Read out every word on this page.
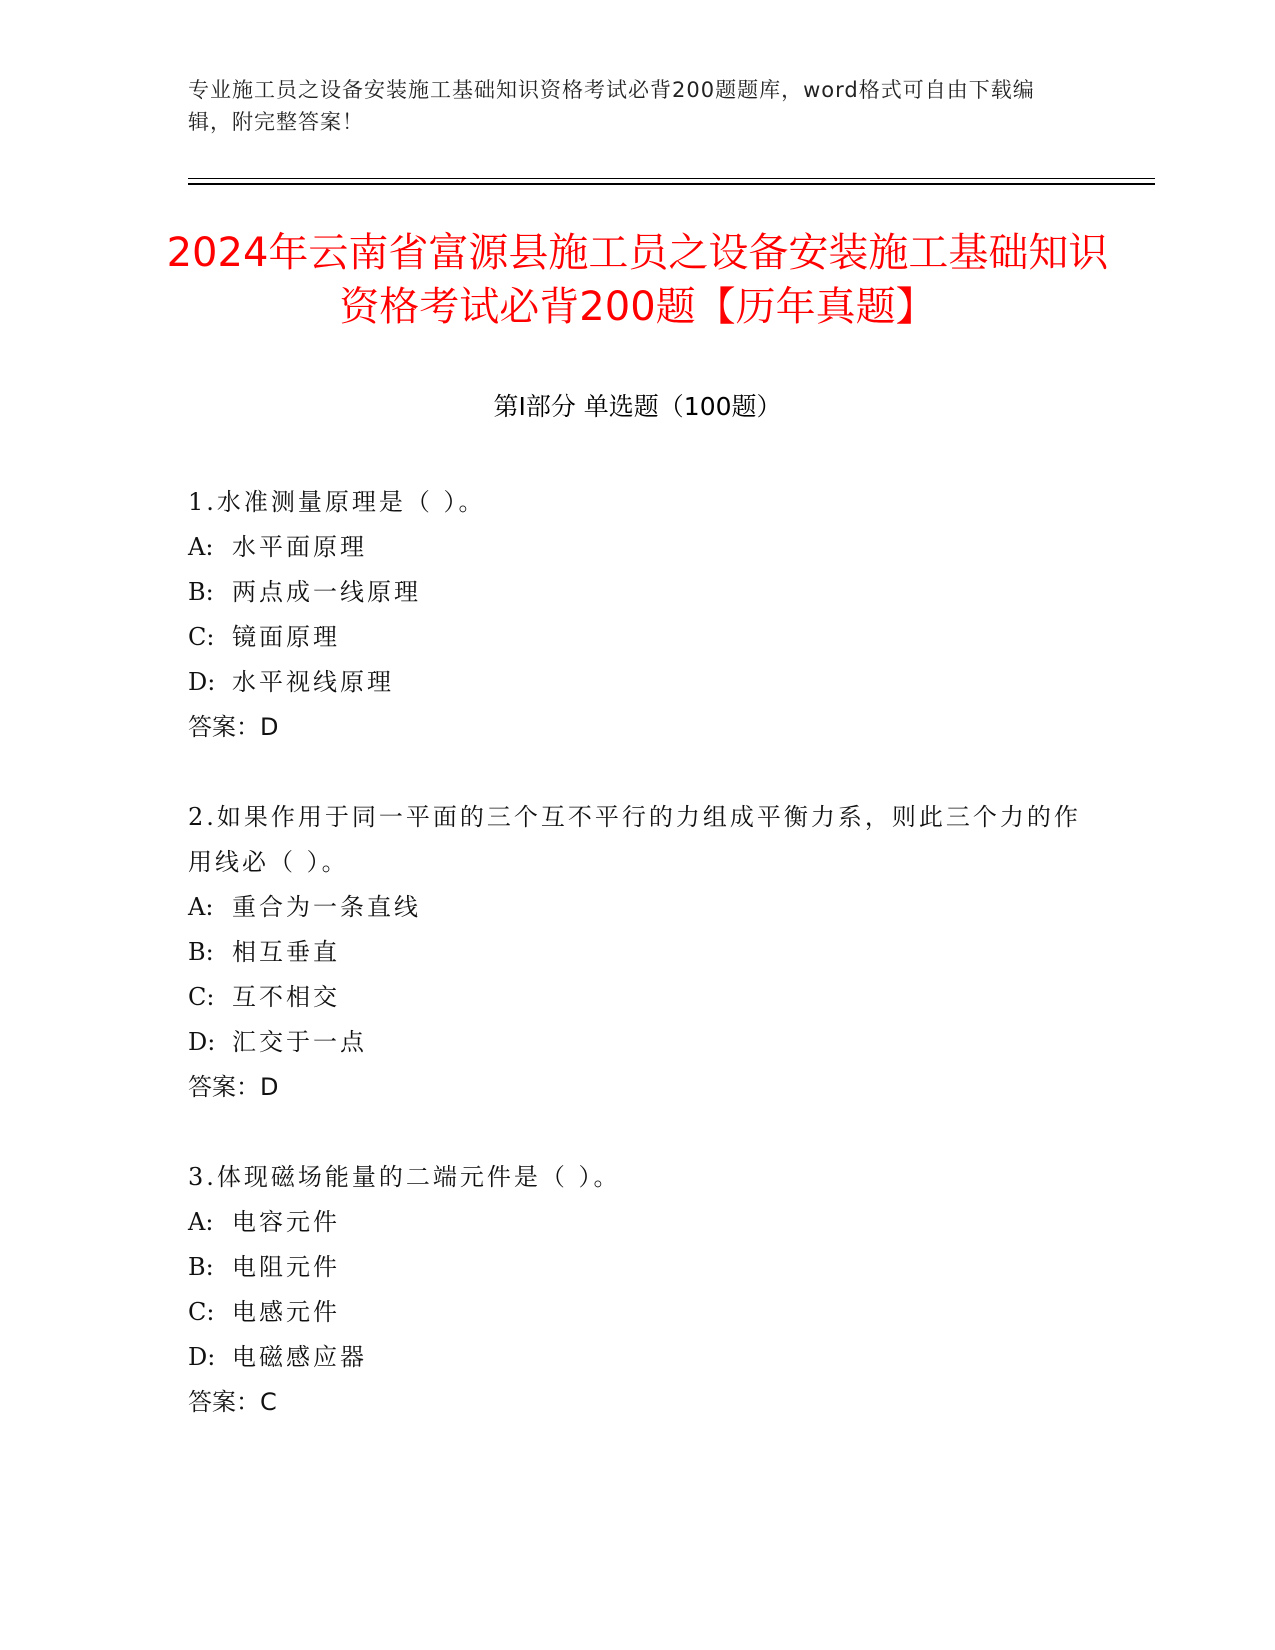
专业施工员之设备安装施工基础知识资格考试必背200题题库，word格式可自由下载编辑，附完整答案！
2024年云南省富源县施工员之设备安装施工基础知识资格考试必背200题【历年真题】
第Ⅰ部分 单选题（100题）

1.水准测量原理是（ ）。

A: 水平面原理

B: 两点成一线原理

C: 镜面原理

D: 水平视线原理

答案：D

2.如果作用于同一平面的三个互不平行的力组成平衡力系，则此三个力的作用线必（ ）。

A: 重合为一条直线

B: 相互垂直

C: 互不相交

D: 汇交于一点

答案：D

3.体现磁场能量的二端元件是（ ）。

A: 电容元件

B: 电阻元件

C: 电感元件

D: 电磁感应器

答案：C
